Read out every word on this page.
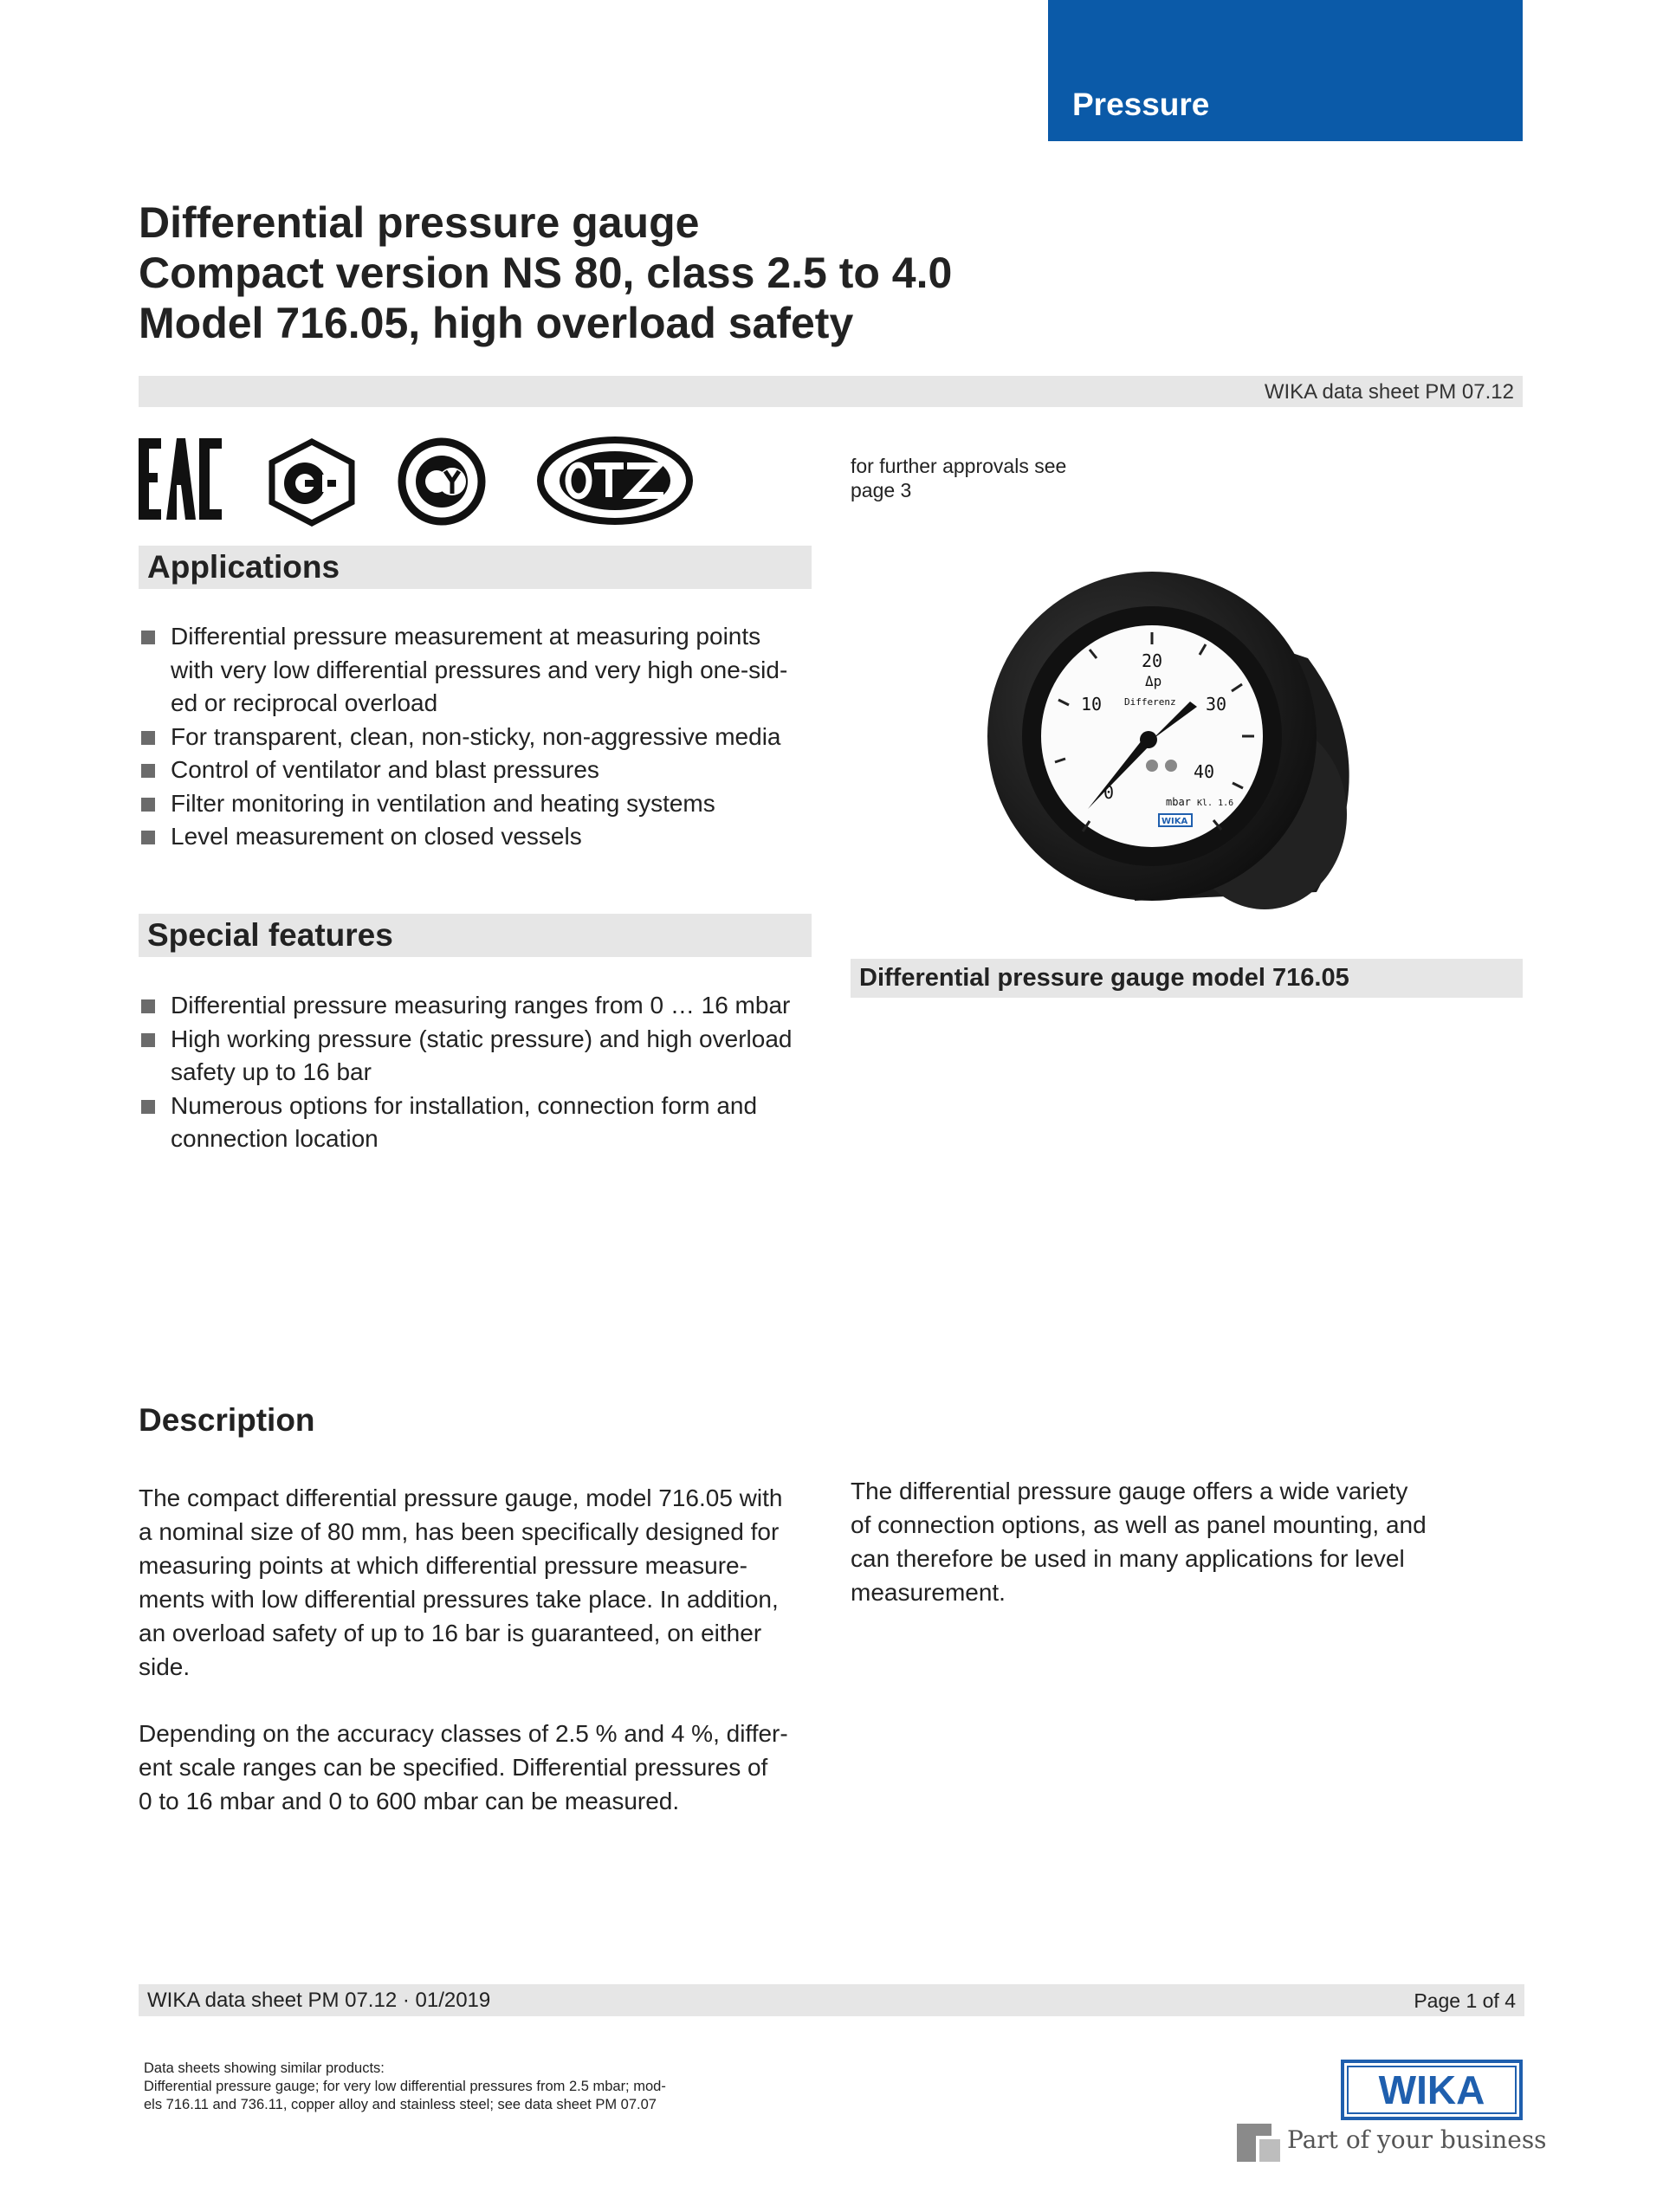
Pressure
Differential pressure gauge
Compact version NS 80, class 2.5 to 4.0
Model 716.05, high overload safety
WIKA data sheet PM 07.12
for further approvals see
page 3
Applications
Differential pressure measurement at measuring points
with very low differential pressures and very high one-sid-
ed or reciprocal overload
For transparent, clean, non-sticky, non-aggressive media
Control of ventilator and blast pressures
Filter monitoring in ventilation and heating systems
Level measurement on closed vessels
0
10
20
30
40
Δp
Differenz
mbar Kl. 1.6
WIKA
Differential pressure gauge model 716.05
Special features
Differential pressure measuring ranges from 0 … 16 mbar
High working pressure (static pressure) and high overload
safety up to 16 bar
Numerous options for installation, connection form and
connection location
Description

The compact differential pressure gauge, model 716.05 with
a nominal size of 80 mm, has been specifically designed for
measuring points at which differential pressure measure-
ments with low differential pressures take place. In addition,
an overload safety of up to 16 bar is guaranteed, on either
side.

Depending on the accuracy classes of 2.5 % and 4 %, differ-
ent scale ranges can be specified. Differential pressures of
0 to 16 mbar and 0 to 600 mbar can be measured.

The differential pressure gauge offers a wide variety
of connection options, as well as panel mounting, and
can therefore be used in many applications for level
measurement.

WIKA data sheet PM 07.12 · 01/2019	Page 1 of 4
Data sheets showing similar products:
Differential pressure gauge; for very low differential pressures from 2.5 mbar; mod-
els 716.11 and 736.11, copper alloy and stainless steel; see data sheet PM 07.07	WIKA
Part of your business
